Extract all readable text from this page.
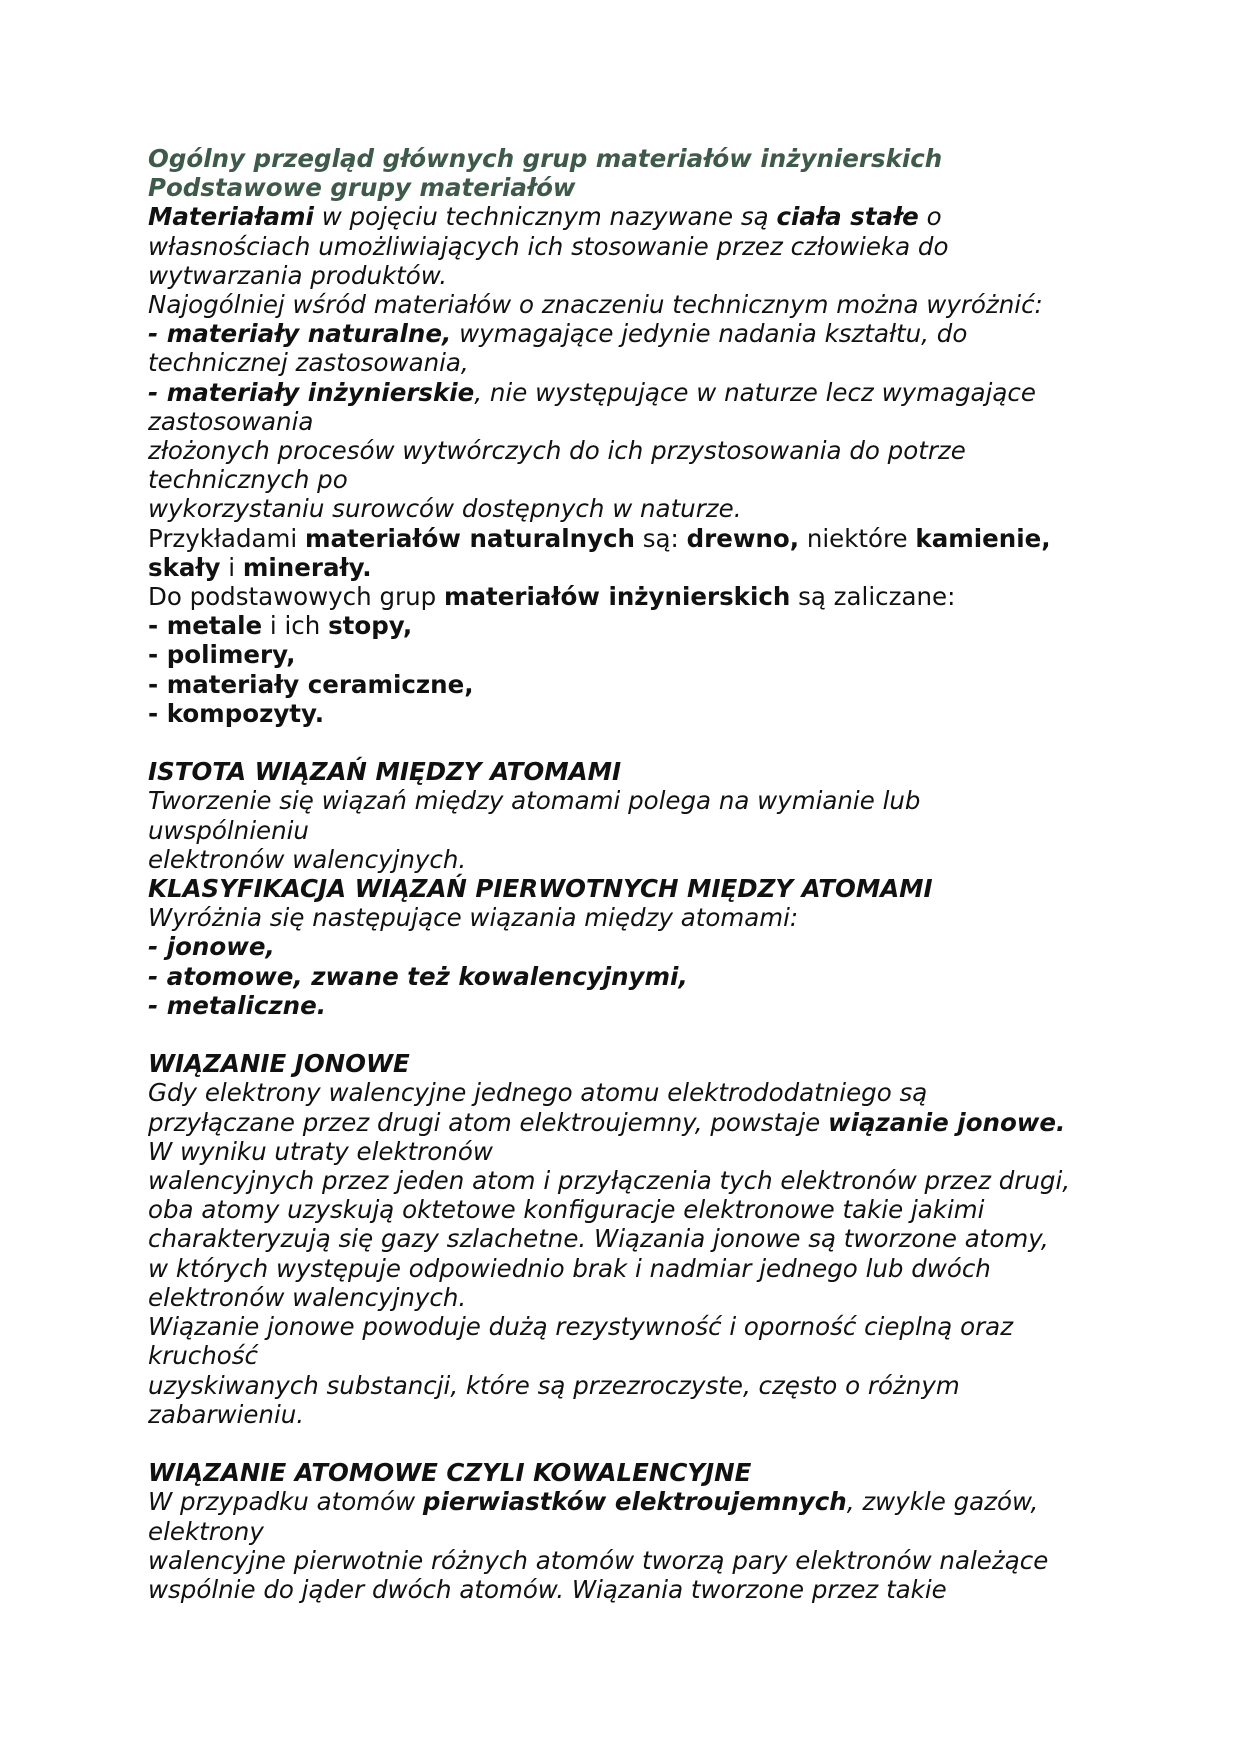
Ogólny przegląd głównych grup materiałów inżynierskich
Podstawowe grupy materiałów
Materiałami w pojęciu technicznym nazywane są ciała stałe o
własnościach umożliwiających ich stosowanie przez człowieka do
wytwarzania produktów.
Najogólniej wśród materiałów o znaczeniu technicznym można wyróżnić:
- materiały naturalne, wymagające jedynie nadania kształtu, do
technicznej zastosowania,
- materiały inżynierskie, nie występujące w naturze lecz wymagające
zastosowania
złożonych procesów wytwórczych do ich przystosowania do potrze
technicznych po
wykorzystaniu surowców dostępnych w naturze.
Przykładami materiałów naturalnych są: drewno, niektóre kamienie,
skały i minerały.
Do podstawowych grup materiałów inżynierskich są zaliczane:
- metale i ich stopy,
- polimery,
- materiały ceramiczne,
- kompozyty.
ISTOTA WIĄZAŃ MIĘDZY ATOMAMI
Tworzenie się wiązań między atomami polega na wymianie lub
uwspólnieniu
elektronów walencyjnych.
KLASYFIKACJA WIĄZAŃ PIERWOTNYCH MIĘDZY ATOMAMI
Wyróżnia się następujące wiązania między atomami:
- jonowe,
- atomowe, zwane też kowalencyjnymi,
- metaliczne.
WIĄZANIE JONOWE
Gdy elektrony walencyjne jednego atomu elektrododatniego są
przyłączane przez drugi atom elektroujemny, powstaje wiązanie jonowe.
W wyniku utraty elektronów
walencyjnych przez jeden atom i przyłączenia tych elektronów przez drugi,
oba atomy uzyskują oktetowe konfiguracje elektronowe takie jakimi
charakteryzują się gazy szlachetne. Wiązania jonowe są tworzone atomy,
w których występuje odpowiednio brak i nadmiar jednego lub dwóch
elektronów walencyjnych.
Wiązanie jonowe powoduje dużą rezystywność i oporność cieplną oraz
kruchość
uzyskiwanych substancji, które są przezroczyste, często o różnym
zabarwieniu.
WIĄZANIE ATOMOWE CZYLI KOWALENCYJNE
W przypadku atomów pierwiastków elektroujemnych, zwykle gazów,
elektrony
walencyjne pierwotnie różnych atomów tworzą pary elektronów należące
wspólnie do jąder dwóch atomów. Wiązania tworzone przez takie
